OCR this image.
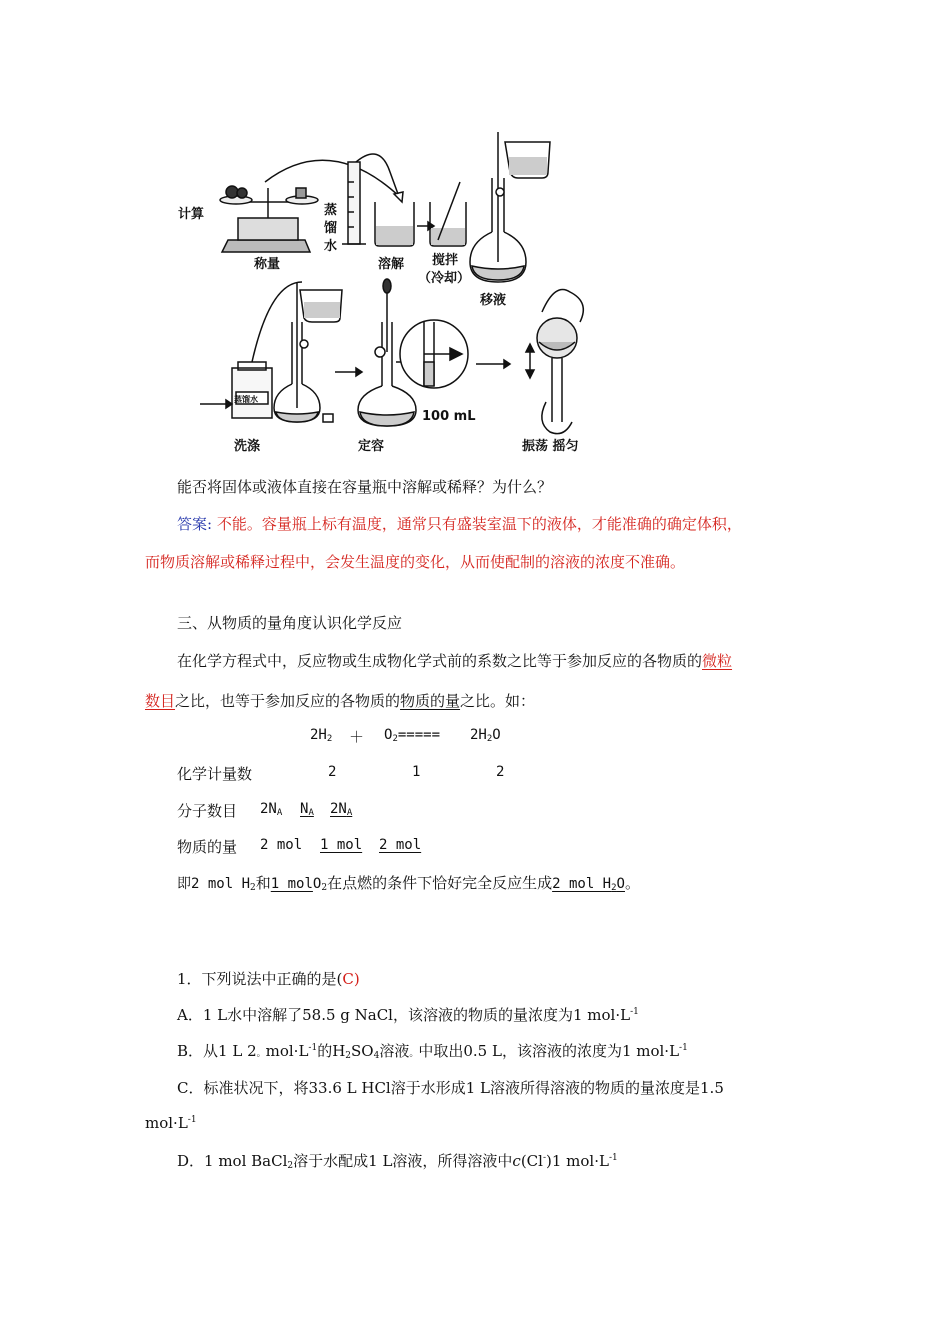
计算
称量
蒸
馏
水
溶解 搅拌
（冷却）
移液
蒸馏水
洗涤	定容
100 mL
振荡 摇匀
能否将固体或液体直接在容量瓶中溶解或稀释？为什么？
答案: 不能。容量瓶上标有温度，通常只有盛装室温下的液体，才能准确的确定体积，
而物质溶解或稀释过程中，会发生温度的变化，从而使配制的溶液的浓度不准确。
三、从物质的量角度认识化学反应
在化学方程式中，反应物或生成物化学式前的系数之比等于参加反应的各物质的微粒
数目之比，也等于参加反应的各物质的物质的量之比。如：
$2H_2 + O_2===== 2H_2O$
化学计量数	2	1	2
分子数目 $2N_A$ $N_A$ $2N_A$
物质的量 2 mol 1 mol 2 mol
即2 mol $H_2$和1 molO$_2$在点燃的条件下恰好完全反应生成2 mol $H_2O$。
1．下列说法中正确的是(C)
A．1 L水中溶解了58.5 g NaCl，该溶液的物质的量浓度为1 $mol\cdot L^{-1}$
B．从1 L 2。$mol\cdot L^{-1}$的$H_2SO_4$溶液。中取出0.5 L，该溶液的浓度为1 $mol\cdot L^{-1}$
C．标准状况下，将33.6 L HCl溶于水形成1 L溶液所得溶液的物质的量浓度是1.5
$mol\cdot L^{-1}$
D．1 mol BaCl$_2$溶于水配成1 L溶液，所得溶液中c(Cl-)1 $mol\cdot L^{-1}$
